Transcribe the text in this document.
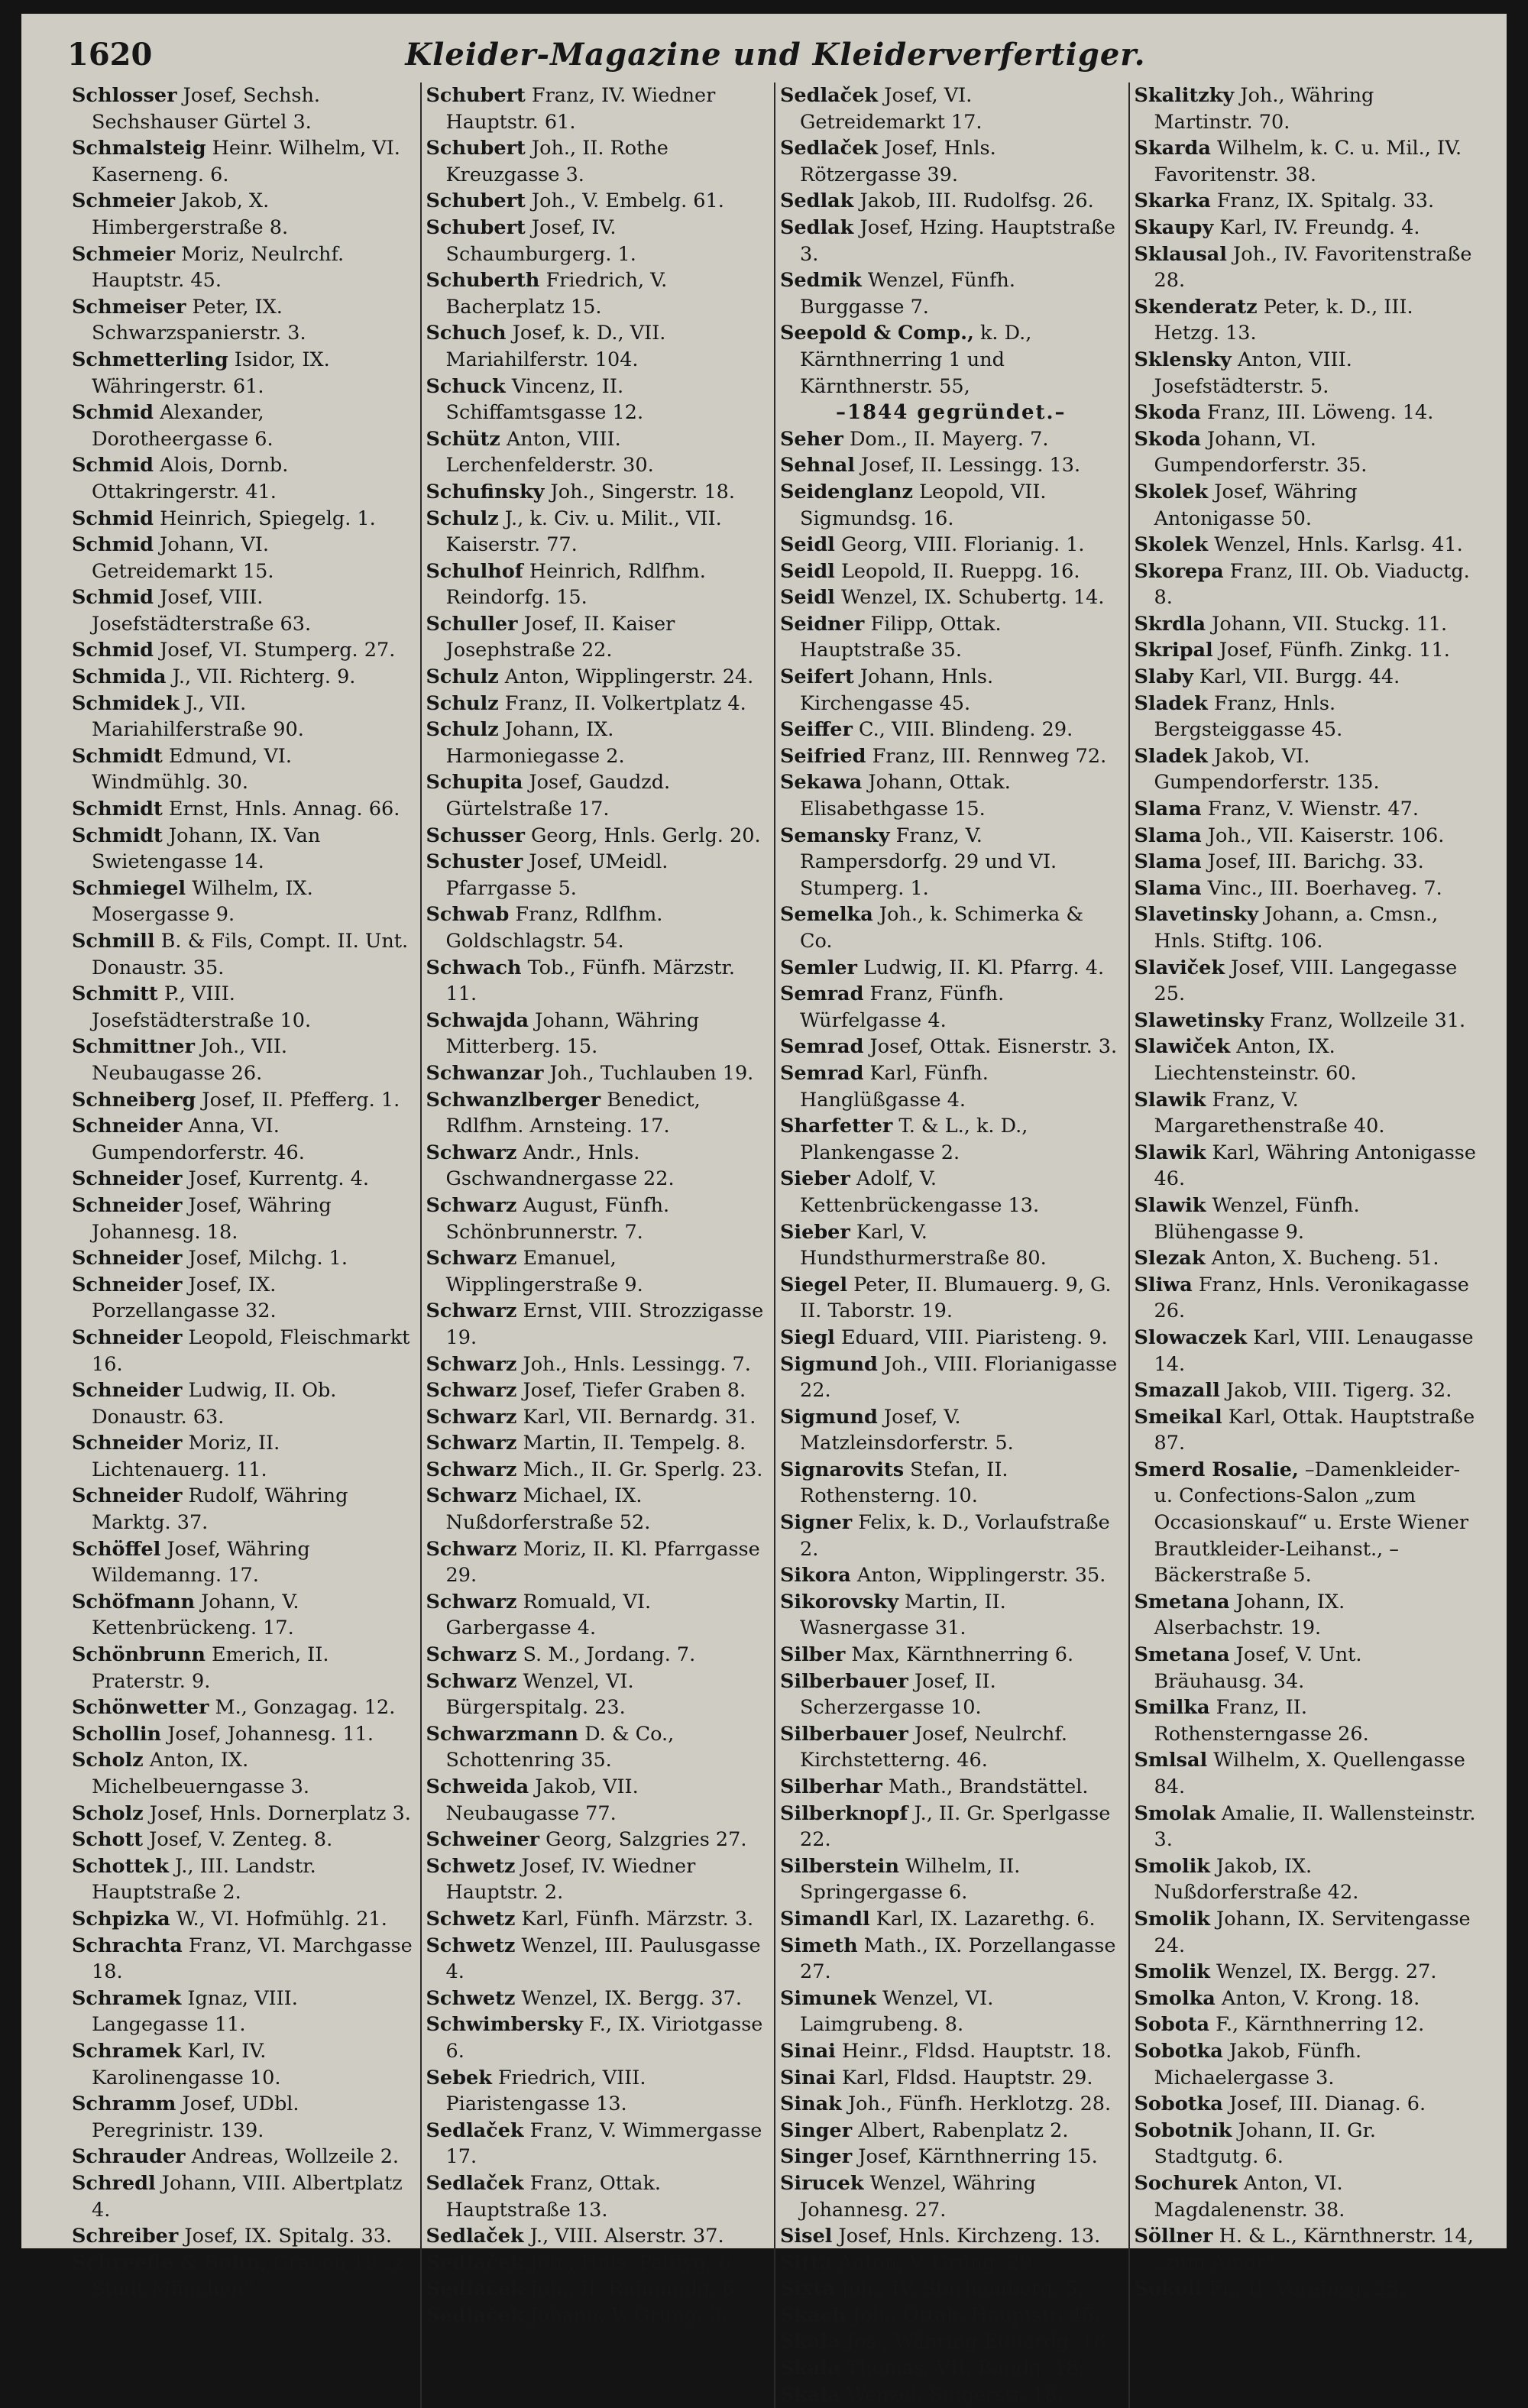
1620	Kleider-Magazine und Kleiderverfertiger.
Schlosser Josef, Sechsh. Sechshauser Gürtel 3.
Schmalsteig Heinr. Wilhelm, VI. Kaserneng. 6.
Schmeier Jakob, X. Himbergerstraße 8.
Schmeier Moriz, Neulrchf. Hauptstr. 45.
Schmeiser Peter, IX. Schwarzspanierstr. 3.
Schmetterling Isidor, IX. Währingerstr. 61.
Schmid Alexander, Dorotheergasse 6.
Schmid Alois, Dornb. Ottakringerstr. 41.
Schmid Heinrich, Spiegelg. 1.
Schmid Johann, VI. Getreidemarkt 15.
Schmid Josef, VIII. Josefstädterstraße 63.
Schmid Josef, VI. Stumperg. 27.
Schmida J., VII. Richterg. 9.
Schmidek J., VII. Mariahilferstraße 90.
Schmidt Edmund, VI. Windmühlg. 30.
Schmidt Ernst, Hnls. Annag. 66.
Schmidt Johann, IX. Van Swietengasse 14.
Schmiegel Wilhelm, IX. Mosergasse 9.
Schmill B. & Fils, Compt. II. Unt. Donaustr. 35.
Schmitt P., VIII. Josefstädterstraße 10.
Schmittner Joh., VII. Neubaugasse 26.
Schneiberg Josef, II. Pfefferg. 1.
Schneider Anna, VI. Gumpendorferstr. 46.
Schneider Josef, Kurrentg. 4.
Schneider Josef, Währing Johannesg. 18.
Schneider Josef, Milchg. 1.
Schneider Josef, IX. Porzellangasse 32.
Schneider Leopold, Fleischmarkt 16.
Schneider Ludwig, II. Ob. Donaustr. 63.
Schneider Moriz, II. Lichtenauerg. 11.
Schneider Rudolf, Währing Marktg. 37.
Schöffel Josef, Währing Wildemanng. 17.
Schöfmann Johann, V. Kettenbrückeng. 17.
Schönbrunn Emerich, II. Praterstr. 9.
Schönwetter M., Gonzagag. 12.
Schollin Josef, Johannesg. 11.
Scholz Anton, IX. Michelbeuerngasse 3.
Scholz Josef, Hnls. Dornerplatz 3.
Schott Josef, V. Zenteg. 8.
Schottek J., III. Landstr. Hauptstraße 2.
Schpizka W., VI. Hofmühlg. 21.
Schrachta Franz, VI. Marchgasse 18.
Schramek Ignaz, VIII. Langegasse 11.
Schramek Karl, IV. Karolinengasse 10.
Schramm Josef, UDbl. Peregrinistr. 139.
Schrauder Andreas, Wollzeile 2.
Schredl Johann, VIII. Albertplatz 4.
Schreiber Josef, IX. Spitalg. 33.
Schreefle & Sohn, Graben 19 „z. Stadt München“.
Schubert Franz, IV. Wiedner Hauptstr. 61.
Schubert Joh., II. Rothe Kreuzgasse 3.
Schubert Joh., V. Embelg. 61.
Schubert Josef, IV. Schaumburgerg. 1.
Schuberth Friedrich, V. Bacherplatz 15.
Schuch Josef, k. D., VII. Mariahilferstr. 104.
Schuck Vincenz, II. Schiffamtsgasse 12.
Schütz Anton, VIII. Lerchenfelderstr. 30.
Schufinsky Joh., Singerstr. 18.
Schulz J., k. Civ. u. Milit., VII. Kaiserstr. 77.
Schulhof Heinrich, Rdlfhm. Reindorfg. 15.
Schuller Josef, II. Kaiser Josephstraße 22.
Schulz Anton, Wipplingerstr. 24.
Schulz Franz, II. Volkertplatz 4.
Schulz Johann, IX. Harmoniegasse 2.
Schupita Josef, Gaudzd. Gürtelstraße 17.
Schusser Georg, Hnls. Gerlg. 20.
Schuster Josef, UMeidl. Pfarrgasse 5.
Schwab Franz, Rdlfhm. Goldschlagstr. 54.
Schwach Tob., Fünfh. Märzstr. 11.
Schwajda Johann, Währing Mitterberg. 15.
Schwanzar Joh., Tuchlauben 19.
Schwanzlberger Benedict, Rdlfhm. Arnsteing. 17.
Schwarz Andr., Hnls. Gschwandnergasse 22.
Schwarz August, Fünfh. Schönbrunnerstr. 7.
Schwarz Emanuel, Wipplingerstraße 9.
Schwarz Ernst, VIII. Strozzigasse 19.
Schwarz Joh., Hnls. Lessingg. 7.
Schwarz Josef, Tiefer Graben 8.
Schwarz Karl, VII. Bernardg. 31.
Schwarz Martin, II. Tempelg. 8.
Schwarz Mich., II. Gr. Sperlg. 23.
Schwarz Michael, IX. Nußdorferstraße 52.
Schwarz Moriz, II. Kl. Pfarrgasse 29.
Schwarz Romuald, VI. Garbergasse 4.
Schwarz S. M., Jordang. 7.
Schwarz Wenzel, VI. Bürgerspitalg. 23.
Schwarzmann D. & Co., Schottenring 35.
Schweida Jakob, VII. Neubaugasse 77.
Schweiner Georg, Salzgries 27.
Schwetz Josef, IV. Wiedner Hauptstr. 2.
Schwetz Karl, Fünfh. Märzstr. 3.
Schwetz Wenzel, III. Paulusgasse 4.
Schwetz Wenzel, IX. Bergg. 37.
Schwimbersky F., IX. Viriotgasse 6.
Sebek Friedrich, VIII. Piaristengasse 13.
Sedlaček Franz, V. Wimmergasse 17.
Sedlaček Franz, Ottak. Hauptstraße 13.
Sedlaček J., VIII. Alserstr. 37.
Sedlaček Joh., Hnls. Palffyg. 6.
Sedlaček Joh., II. Raimundg. 6.
Sedlaček Johann, V. Grüng. 3.
Sedlaček Josef, VI. Getreidemarkt 17.
Sedlaček Josef, Hnls. Rötzergasse 39.
Sedlak Jakob, III. Rudolfsg. 26.
Sedlak Josef, Hzing. Hauptstraße 3.
Sedmik Wenzel, Fünfh. Burggasse 7.
Seepold & Comp., k. D., Kärnthnerring 1 und Kärnthnerstr. 55,
–1844 gegründet.–
Seher Dom., II. Mayerg. 7.
Sehnal Josef, II. Lessingg. 13.
Seidenglanz Leopold, VII. Sigmundsg. 16.
Seidl Georg, VIII. Florianig. 1.
Seidl Leopold, II. Rueppg. 16.
Seidl Wenzel, IX. Schubertg. 14.
Seidner Filipp, Ottak. Hauptstraße 35.
Seifert Johann, Hnls. Kirchengasse 45.
Seiffer C., VIII. Blindeng. 29.
Seifried Franz, III. Rennweg 72.
Sekawa Johann, Ottak. Elisabethgasse 15.
Semansky Franz, V. Rampersdorfg. 29 und VI. Stumperg. 1.
Semelka Joh., k. Schimerka & Co.
Semler Ludwig, II. Kl. Pfarrg. 4.
Semrad Franz, Fünfh. Würfelgasse 4.
Semrad Josef, Ottak. Eisnerstr. 3.
Semrad Karl, Fünfh. Hanglüßgasse 4.
Sharfetter T. & L., k. D., Plankengasse 2.
Sieber Adolf, V. Kettenbrückengasse 13.
Sieber Karl, V. Hundsthurmerstraße 80.
Siegel Peter, II. Blumauerg. 9, G. II. Taborstr. 19.
Siegl Eduard, VIII. Piaristeng. 9.
Sigmund Joh., VIII. Florianigasse 22.
Sigmund Josef, V. Matzleinsdorferstr. 5.
Signarovits Stefan, II. Rothensterng. 10.
Signer Felix, k. D., Vorlaufstraße 2.
Sikora Anton, Wipplingerstr. 35.
Sikorovsky Martin, II. Wasnergasse 31.
Silber Max, Kärnthnerring 6.
Silberbauer Josef, II. Scherzergasse 10.
Silberbauer Josef, Neulrchf. Kirchstetterng. 46.
Silberhar Math., Brandstättel.
Silberknopf J., II. Gr. Sperlgasse 22.
Silberstein Wilhelm, II. Springergasse 6.
Simandl Karl, IX. Lazarethg. 6.
Simeth Math., IX. Porzellangasse 27.
Simunek Wenzel, VI. Laimgrubeng. 8.
Sinai Heinr., Fldsd. Hauptstr. 18.
Sinai Karl, Fldsd. Hauptstr. 29.
Sinak Joh., Fünfh. Herklotzg. 28.
Singer Albert, Rabenplatz 2.
Singer Josef, Kärnthnerring 15.
Sirucek Wenzel, Währing Johannesg. 27.
Sisel Josef, Hnls. Kirchzeng. 13.
Sitta Anton, V. Grüng. 29.
Sixta Joh., IV. Starhemberg. 5.
Skach Joh., Ottak. Hauptstr. 45.
Skala Jos., Währing Eduardg. 18.
Skala Thomas, VII. Bandg. 18.
Skala Wenzel, Singerstr. 18.
Skalitzky Joh., Währing Martinstr. 70.
Skarda Wilhelm, k. C. u. Mil., IV. Favoritenstr. 38.
Skarka Franz, IX. Spitalg. 33.
Skaupy Karl, IV. Freundg. 4.
Sklausal Joh., IV. Favoritenstraße 28.
Skenderatz Peter, k. D., III. Hetzg. 13.
Sklensky Anton, VIII. Josefstädterstr. 5.
Skoda Franz, III. Löweng. 14.
Skoda Johann, VI. Gumpendorferstr. 35.
Skolek Josef, Währing Antonigasse 50.
Skolek Wenzel, Hnls. Karlsg. 41.
Skorepa Franz, III. Ob. Viaductg. 8.
Skrdla Johann, VII. Stuckg. 11.
Skripal Josef, Fünfh. Zinkg. 11.
Slaby Karl, VII. Burgg. 44.
Sladek Franz, Hnls. Bergsteiggasse 45.
Sladek Jakob, VI. Gumpendorferstr. 135.
Slama Franz, V. Wienstr. 47.
Slama Joh., VII. Kaiserstr. 106.
Slama Josef, III. Barichg. 33.
Slama Vinc., III. Boerhaveg. 7.
Slavetinsky Johann, a. Cmsn., Hnls. Stiftg. 106.
Slaviček Josef, VIII. Langegasse 25.
Slawetinsky Franz, Wollzeile 31.
Slawiček Anton, IX. Liechtensteinstr. 60.
Slawik Franz, V. Margarethenstraße 40.
Slawik Karl, Währing Antonigasse 46.
Slawik Wenzel, Fünfh. Blühengasse 9.
Slezak Anton, X. Bucheng. 51.
Sliwa Franz, Hnls. Veronikagasse 26.
Slowaczek Karl, VIII. Lenaugasse 14.
Smazall Jakob, VIII. Tigerg. 32.
Smeikal Karl, Ottak. Hauptstraße 87.
Smerd Rosalie, –Damenkleider- u. Confections-Salon „zum Occasionskauf“ u. Erste Wiener Brautkleider-Leihanst., –Bäckerstraße 5.
Smetana Johann, IX. Alserbachstr. 19.
Smetana Josef, V. Unt. Bräuhausg. 34.
Smilka Franz, II. Rothensterngasse 26.
Smlsal Wilhelm, X. Quellengasse 84.
Smolak Amalie, II. Wallensteinstr. 3.
Smolik Jakob, IX. Nußdorferstraße 42.
Smolik Johann, IX. Servitengasse 24.
Smolik Wenzel, IX. Bergg. 27.
Smolka Anton, V. Krong. 18.
Sobota F., Kärnthnerring 12.
Sobotka Jakob, Fünfh. Michaelergasse 3.
Sobotka Josef, III. Dianag. 6.
Sobotnik Johann, II. Gr. Stadtgutg. 6.
Sochurek Anton, VI. Magdalenenstr. 38.
Söllner H. & L., Kärnthnerstr. 14, „zum Amor“.
Sokoll Fr., II. Vereinsg. 25.
